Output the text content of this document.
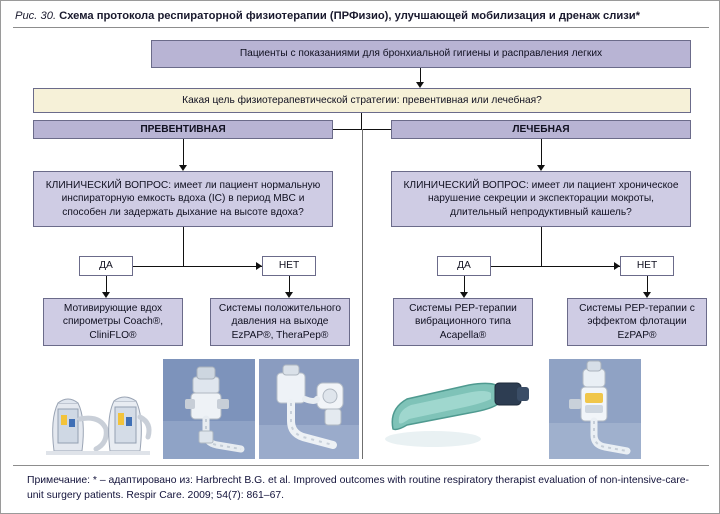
Рис. 30. Схема протокола респираторной физиотерапии (ПРФизио), улучшающей мобилизация и дренаж слизи*
Пациенты с показаниями для бронхиальной гигиены и расправления легких
Какая цель физиотерапевтической стратегии: превентивная или лечебная?
ПРЕВЕНТИВНАЯ	ЛЕЧЕБНАЯ
КЛИНИЧЕСКИЙ ВОПРОС: имеет ли пациент нормальную инспираторную емкость вдоха (IC) в период MBC и способен ли задержать дыхание на высоте вдоха?
КЛИНИЧЕСКИЙ ВОПРОС: имеет ли пациент хроническое нарушение секреции и экспекторации мокроты, длительный непродуктивный кашель?
ДА	НЕТ	ДА	НЕТ
Мотивирующие вдох спирометры Coach®, CliniFLO®
Системы положительного давления на выходе EzPAP®, TheraPep®
Системы PEP-терапии вибрационного типа Acapella®
Системы PEP-терапии с эффектом флотации EzPAP®
Примечание: * – адаптировано из: Harbrecht B.G. et al. Improved outcomes with routine respiratory therapist evaluation of non-intensive-care-unit surgery patients. Respir Care. 2009; 54(7): 861–67.
